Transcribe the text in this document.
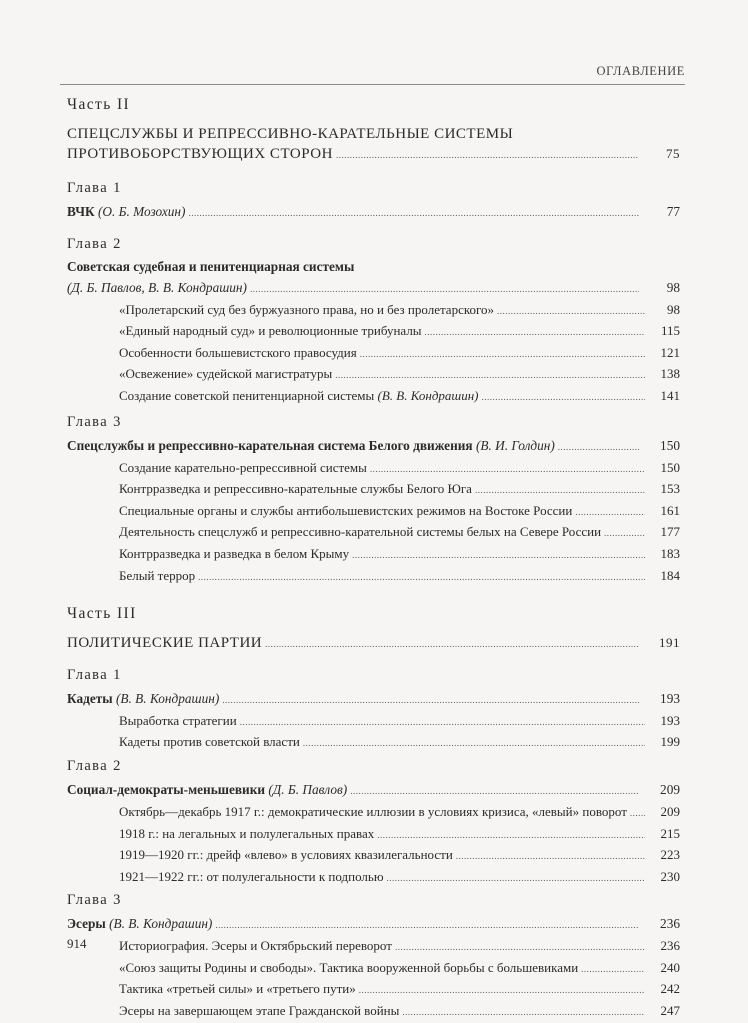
ОГЛАВЛЕНИЕ
Часть II
СПЕЦСЛУЖБЫ И РЕПРЕССИВНО-КАРАТЕЛЬНЫЕ СИСТЕМЫ
ПРОТИВОБОРСТВУЮЩИХ СТОРОН .....	75
Глава 1
ВЧК (О. Б. Мозохин) .....	77
Глава 2
Советская судебная и пенитенциарная системы
(Д. Б. Павлов, В. В. Кондрашин) .....	98
«Пролетарский суд без буржуазного права, но и без пролетарского» .....	98
«Единый народный суд» и революционные трибуналы .....	115
Особенности большевистского правосудия .....	121
«Освежение» судейской магистратуры .....	138
Создание советской пенитенциарной системы (В. В. Кондрашин) .....	141
Глава 3
Спецслужбы и репрессивно-карательная система Белого движения (В. И. Голдин) .....	150
Создание карательно-репрессивной системы .....	150
Контрразведка и репрессивно-карательные службы Белого Юга .....	153
Специальные органы и службы антибольшевистских режимов на Востоке России .....	161
Деятельность спецслужб и репрессивно-карательной системы белых на Севере России .....	177
Контрразведка и разведка в белом Крыму .....	183
Белый террор .....	184
Часть III
ПОЛИТИЧЕСКИЕ ПАРТИИ .....	191
Глава 1
Кадеты (В. В. Кондрашин) .....	193
Выработка стратегии .....	193
Кадеты против советской власти .....	199
Глава 2
Социал-демократы-меньшевики (Д. Б. Павлов) .....	209
Октябрь—декабрь 1917 г.: демократические иллюзии в условиях кризиса, «левый» поворот .....	209
1918 г.: на легальных и полулегальных правах .....	215
1919—1920 гг.: дрейф «влево» в условиях квазилегальности .....	223
1921—1922 гг.: от полулегальности к подполью .....	230
Глава 3
Эсеры (В. В. Кондрашин) .....	236
Историография. Эсеры и Октябрьский переворот .....	236
«Союз защиты Родины и свободы». Тактика вооруженной борьбы с большевиками .....	240
Тактика «третьей силы» и «третьего пути» .....	242
Эсеры на завершающем этапе Гражданской войны .....	247
914
